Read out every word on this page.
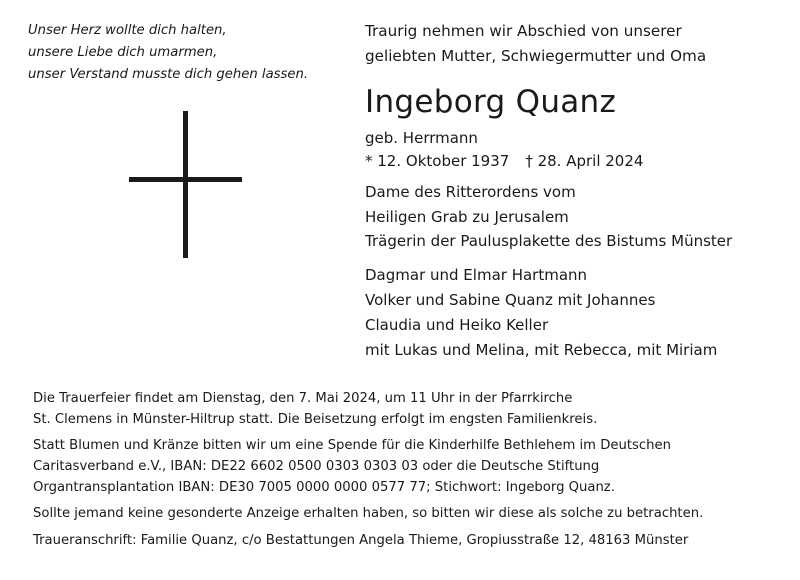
Unser Herz wollte dich halten,
unsere Liebe dich umarmen,
unser Verstand musste dich gehen lassen.
Traurig nehmen wir Abschied von unserer
geliebten Mutter, Schwiegermutter und Oma
Ingeborg Quanz
geb. Herrmann
* 12. Oktober 1937 † 28. April 2024
Dame des Ritterordens vom
Heiligen Grab zu Jerusalem
Trägerin der Paulusplakette des Bistums Münster
Dagmar und Elmar Hartmann
Volker und Sabine Quanz mit Johannes
Claudia und Heiko Keller
mit Lukas und Melina, mit Rebecca, mit Miriam
Die Trauerfeier findet am Dienstag, den 7. Mai 2024, um 11 Uhr in der Pfarrkirche
St. Clemens in Münster-Hiltrup statt. Die Beisetzung erfolgt im engsten Familienkreis.
Statt Blumen und Kränze bitten wir um eine Spende für die Kinderhilfe Bethlehem im Deutschen
Caritasverband e.V., IBAN: DE22 6602 0500 0303 0303 03 oder die Deutsche Stiftung
Organtransplantation IBAN: DE30 7005 0000 0000 0577 77; Stichwort: Ingeborg Quanz.
Sollte jemand keine gesonderte Anzeige erhalten haben, so bitten wir diese als solche zu betrachten.
Traueranschrift: Familie Quanz, c/o Bestattungen Angela Thieme, Gropiusstraße 12, 48163 Münster
